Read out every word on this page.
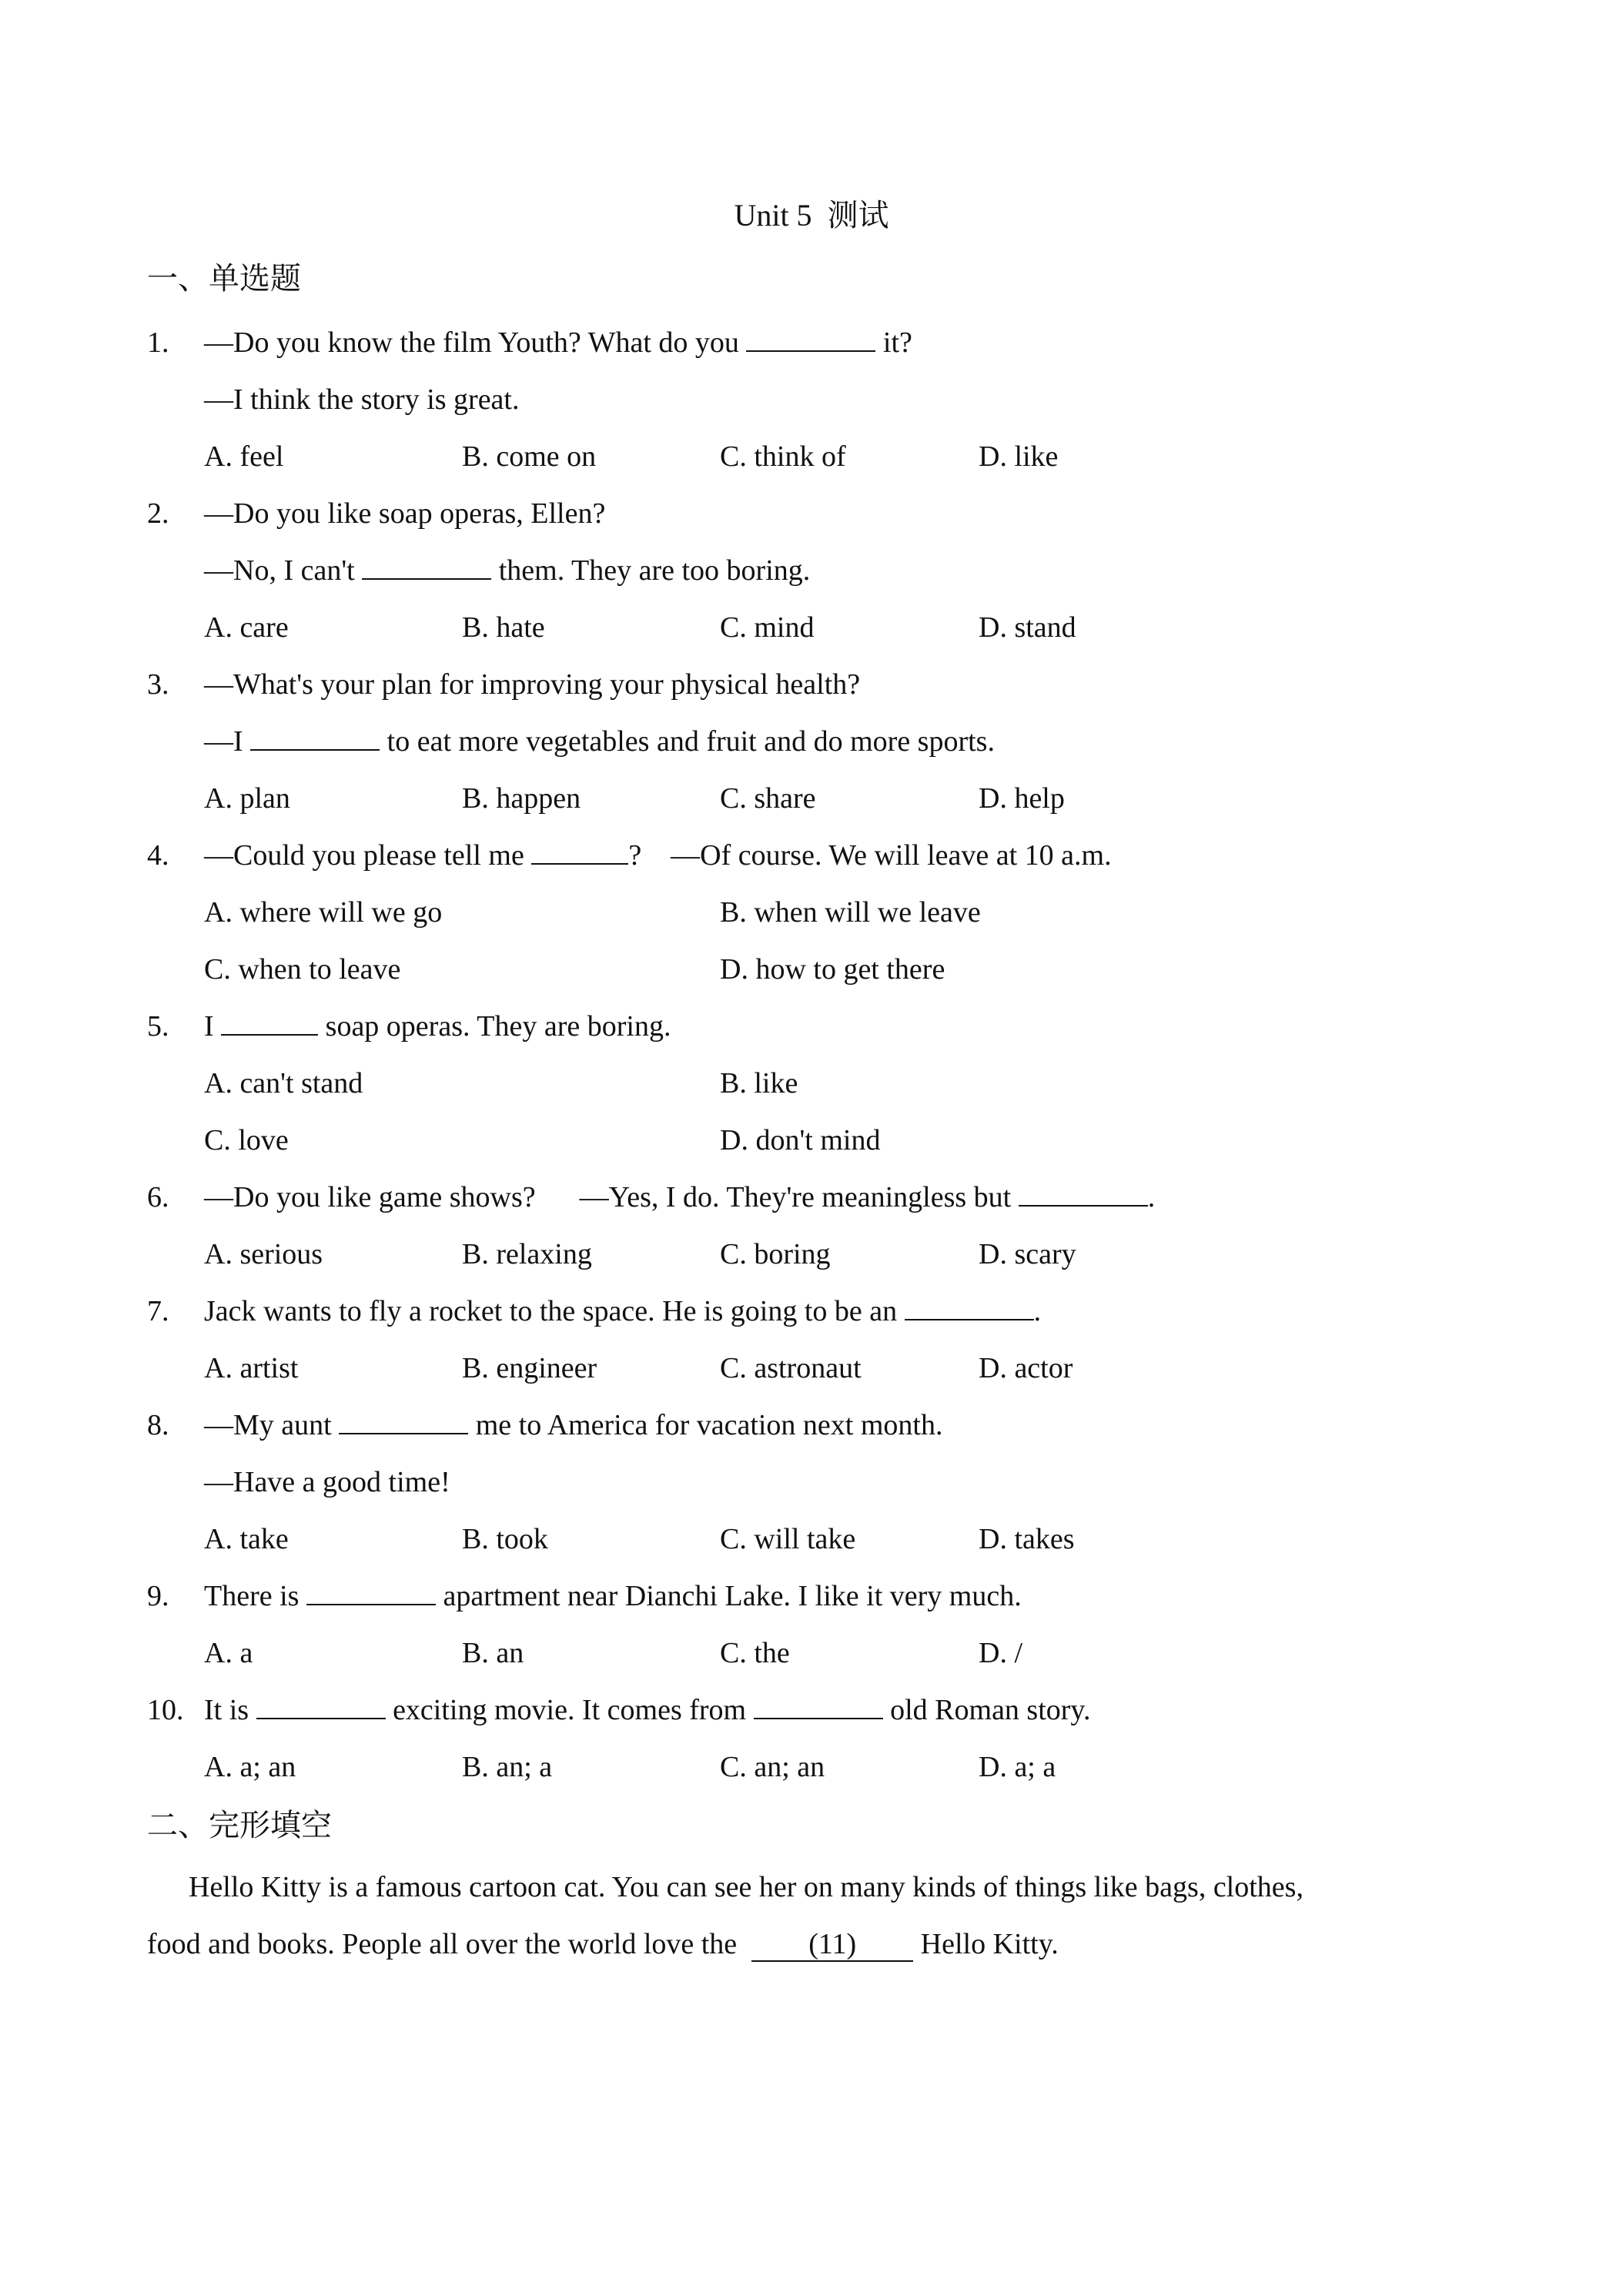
Unit 5  测试
一、单选题
1. —Do you know the film Youth? What do you	it?
—I think the story is great.
A. feel	B. come on	C. think of	D. like
2. —Do you like soap operas, Ellen?
—No, I can't	them. They are too boring.
A. care	B. hate	C. mind	D. stand
3. —What's your plan for improving your physical health?
—I	to eat more vegetables and fruit and do more sports.
A. plan	B. happen	C. share	D. help
4. —Could you please tell me	?    —Of course. We will leave at 10 a.m.
A. where will we go	B. when will we leave
C. when to leave	D. how to get there
5. I	soap operas. They are boring.
A. can't stand	B. like
C. love	D. don't mind
6. —Do you like game shows?      —Yes, I do. They're meaningless but	.
A. serious	B. relaxing	C. boring	D. scary
7. Jack wants to fly a rocket to the space. He is going to be an	.
A. artist	B. engineer	C. astronaut	D. actor
8. —My aunt	me to America for vacation next month.
—Have a good time!
A. take	B. took	C. will take	D. takes
9. There is	apartment near Dianchi Lake. I like it very much.
A. a	B. an	C. the	D. /
10. It is	exciting movie. It comes from	old Roman story.
A. a; an	B. an; a	C. an; an	D. a; a
二、完形填空
Hello Kitty is a famous cartoon cat. You can see her on many kinds of things like bags, clothes,
food and books. People all over the world love the  (11) Hello Kitty.
